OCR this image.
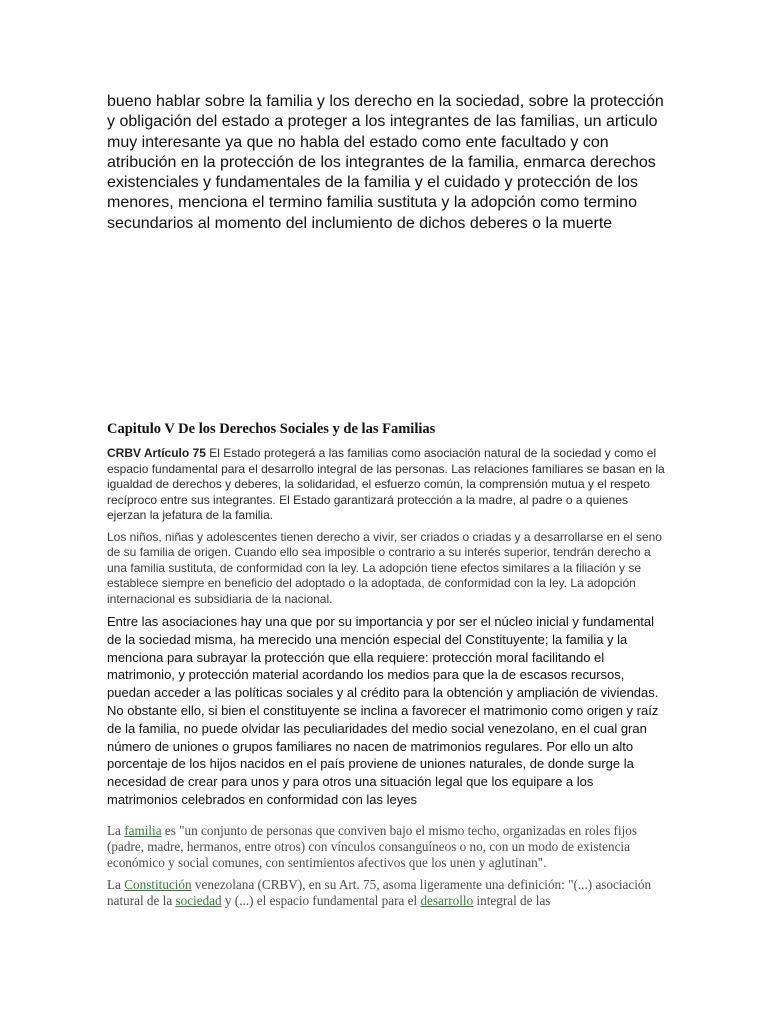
bueno hablar sobre la familia y los derecho en la sociedad, sobre la protección y obligación del estado a proteger a los integrantes de las familias, un articulo muy interesante ya que no habla del estado como ente facultado y con atribución en la protección de los integrantes de la familia, enmarca derechos existenciales y fundamentales de la familia y el cuidado y protección de los menores, menciona el termino familia sustituta y la adopción como termino secundarios al momento del inclumiento de dichos deberes o la muerte

Capitulo V De los Derechos Sociales y de las Familias

CRBV Artículo 75 El Estado protegerá a las familias como asociación natural de la sociedad y como el espacio fundamental para el desarrollo integral de las personas. Las relaciones familiares se basan en la igualdad de derechos y deberes, la solidaridad, el esfuerzo común, la comprensión mutua y el respeto recíproco entre sus integrantes. El Estado garantizará protección a la madre, al padre o a quienes ejerzan la jefatura de la familia.

Los niños, niñas y adolescentes tienen derecho a vivir, ser criados o criadas y a desarrollarse en el seno de su familia de origen. Cuando ello sea imposible o contrario a su interés superior, tendrán derecho a una familia sustituta, de conformidad con la ley. La adopción tiene efectos similares a la filiación y se establece siempre en beneficio del adoptado o la adoptada, de conformidad con la ley. La adopción internacional es subsidiaria de la nacional.

Entre las asociaciones hay una que por su importancia y por ser el núcleo inicial y fundamental de la sociedad misma, ha merecido una mención especial del Constituyente; la familia y la menciona para subrayar la protección que ella requiere: protección moral facilitando el matrimonio, y protección material acordando los medios para que la de escasos recursos, puedan acceder a las políticas sociales y al crédito para la obtención y ampliación de viviendas. No obstante ello, si bien el constituyente se inclina a favorecer el matrimonio como origen y raíz de la familia, no puede olvidar las peculiaridades del medio social venezolano, en el cual gran número de uniones o grupos familiares no nacen de matrimonios regulares. Por ello un alto porcentaje de los hijos nacidos en el país proviene de uniones naturales, de donde surge la necesidad de crear para unos y para otros una situación legal que los equipare a los matrimonios celebrados en conformidad con las leyes

La familia es "un conjunto de personas que conviven bajo el mismo techo, organizadas en roles fijos (padre, madre, hermanos, entre otros) con vínculos consanguíneos o no, con un modo de existencia económico y social comunes, con sentimientos afectivos que los unen y aglutinan".

La Constitución venezolana (CRBV), en su Art. 75, asoma ligeramente una definición: "(...) asociación natural de la sociedad y (...) el espacio fundamental para el desarrollo integral de las
